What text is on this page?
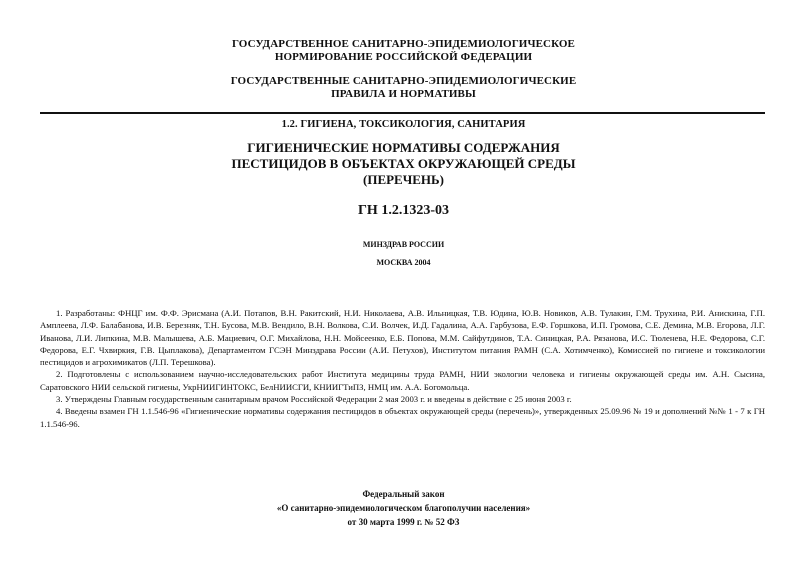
ГОСУДАРСТВЕННОЕ САНИТАРНО-ЭПИДЕМИОЛОГИЧЕСКОЕ
НОРМИРОВАНИЕ РОССИЙСКОЙ ФЕДЕРАЦИИ
ГОСУДАРСТВЕННЫЕ САНИТАРНО-ЭПИДЕМИОЛОГИЧЕСКИЕ
ПРАВИЛА И НОРМАТИВЫ
1.2. ГИГИЕНА, ТОКСИКОЛОГИЯ, САНИТАРИЯ
ГИГИЕНИЧЕСКИЕ НОРМАТИВЫ СОДЕРЖАНИЯ
ПЕСТИЦИДОВ В ОБЪЕКТАХ ОКРУЖАЮЩЕЙ СРЕДЫ
(ПЕРЕЧЕНЬ)
ГН 1.2.1323-03
МИНЗДРАВ РОССИИ
МОСКВА 2004

1. Разработаны: ФНЦГ им. Ф.Ф. Эрисмана (А.И. Потапов, В.Н. Ракитский, Н.И. Николаева, А.В. Ильницкая, Т.В. Юдина, Ю.В. Новиков, А.В. Тулакин, Г.М. Трухина, Р.И. Анискина, Г.П. Амплеева, Л.Ф. Балабанова, И.В. Березняк, Т.Н. Бусова, М.В. Вендило, В.Н. Волкова, С.И. Волчек, И.Д. Гадалина, А.А. Гарбузова, Е.Ф. Горшкова, И.П. Громова, С.Е. Демина, М.В. Егорова, Л.Г. Иванова, Л.И. Липкина, М.В. Малышева, А.Б. Мациевич, О.Г. Михайлова, Н.Н. Мойсеенко, Е.Б. Попова, М.М. Сайфутдинов, Т.А. Синицкая, Р.А. Рязанова, И.С. Тюленева, Н.Е. Федорова, С.Г. Федорова, Е.Г. Чхвиркия, Г.В. Цыплакова), Департаментом ГСЭН Минздрава России (А.И. Петухов), Институтом питания РАМН (С.А. Хотимченко), Комиссией по гигиене и токсикологии пестицидов и агрохимикатов (Л.П. Терешкова).

2. Подготовлены с использованием научно-исследовательских работ Института медицины труда РАМН, НИИ экологии человека и гигиены окружающей среды им. А.Н. Сысина, Саратовского НИИ сельской гигиены, УкрНИИГИНТОКС, БелНИИСГИ, КНИИГТиПЗ, НМЦ им. А.А. Богомольца.

3. Утверждены Главным государственным санитарным врачом Российской Федерации 2 мая 2003 г. и введены в действие с 25 июня 2003 г.

4. Введены взамен ГН 1.1.546-96 «Гигиенические нормативы содержания пестицидов в объектах окружающей среды (перечень)», утвержденных 25.09.96 № 19 и дополнений №№ 1 - 7 к ГН 1.1.546-96.

Федеральный закон
«О санитарно-эпидемиологическом благополучии населения»
от 30 марта 1999 г. № 52 ФЗ
